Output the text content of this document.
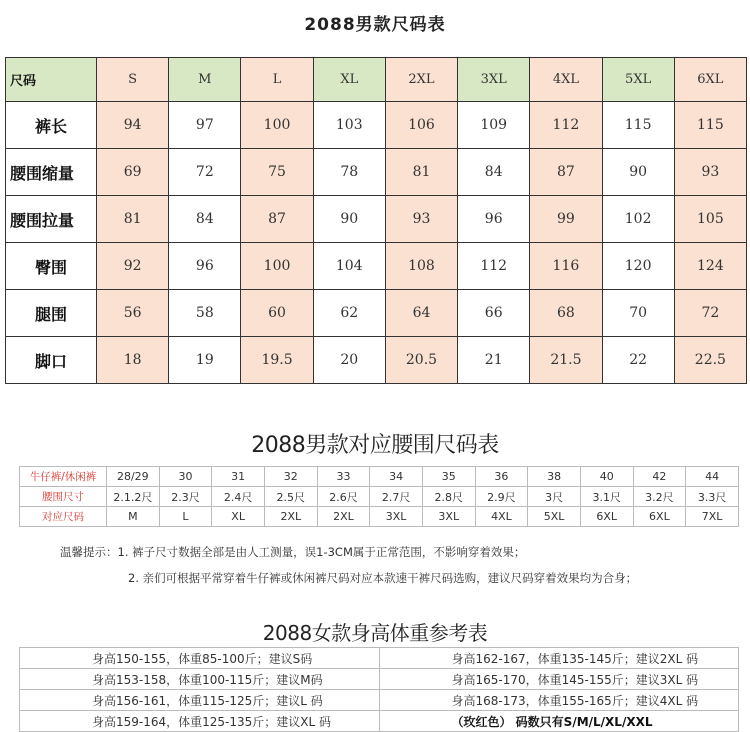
2088男款尺码表
尺码	S	M	L	XL	2XL	3XL	4XL	5XL	6XL
裤长	94	97	100	103	106	109	112	115	115
腰围缩量	69	72	75	78	81	84	87	90	93
腰围拉量	81	84	87	90	93	96	99	102	105
臀围	92	96	100	104	108	112	116	120	124
腿围	56	58	60	62	64	66	68	70	72
脚口	18	19	19.5	20	20.5	21	21.5	22	22.5
2088男款对应腰围尺码表
牛仔裤/休闲裤	28/29	30	31	32	33	34	35	36	38	40	42	44
腰围尺寸	2.1.2尺	2.3尺	2.4尺	2.5尺	2.6尺	2.7尺	2.8尺	2.9尺	3尺	3.1尺	3.2尺	3.3尺
对应尺码	M	L	XL	2XL	2XL	3XL	3XL	4XL	5XL	6XL	6XL	7XL
温馨提示：1. 裤子尺寸数据全部是由人工测量，误1-3CM属于正常范围，不影响穿着效果；
2. 亲们可根据平常穿着牛仔裤或休闲裤尺码对应本款速干裤尺码选购，建议尺码穿着效果均为合身；
2088女款身高体重参考表
身高150-155，体重85-100斤；建议S码	身高162-167，体重135-145斤；建议2XL 码
身高153-158，体重100-115斤；建议M码	身高165-170，体重145-155斤；建议3XL 码
身高156-161，体重115-125斤；建议L 码	身高168-173，体重155-165斤；建议4XL 码
身高159-164，体重125-135斤；建议XL 码	（玫红色） 码数只有S/M/L/XL/XXL
